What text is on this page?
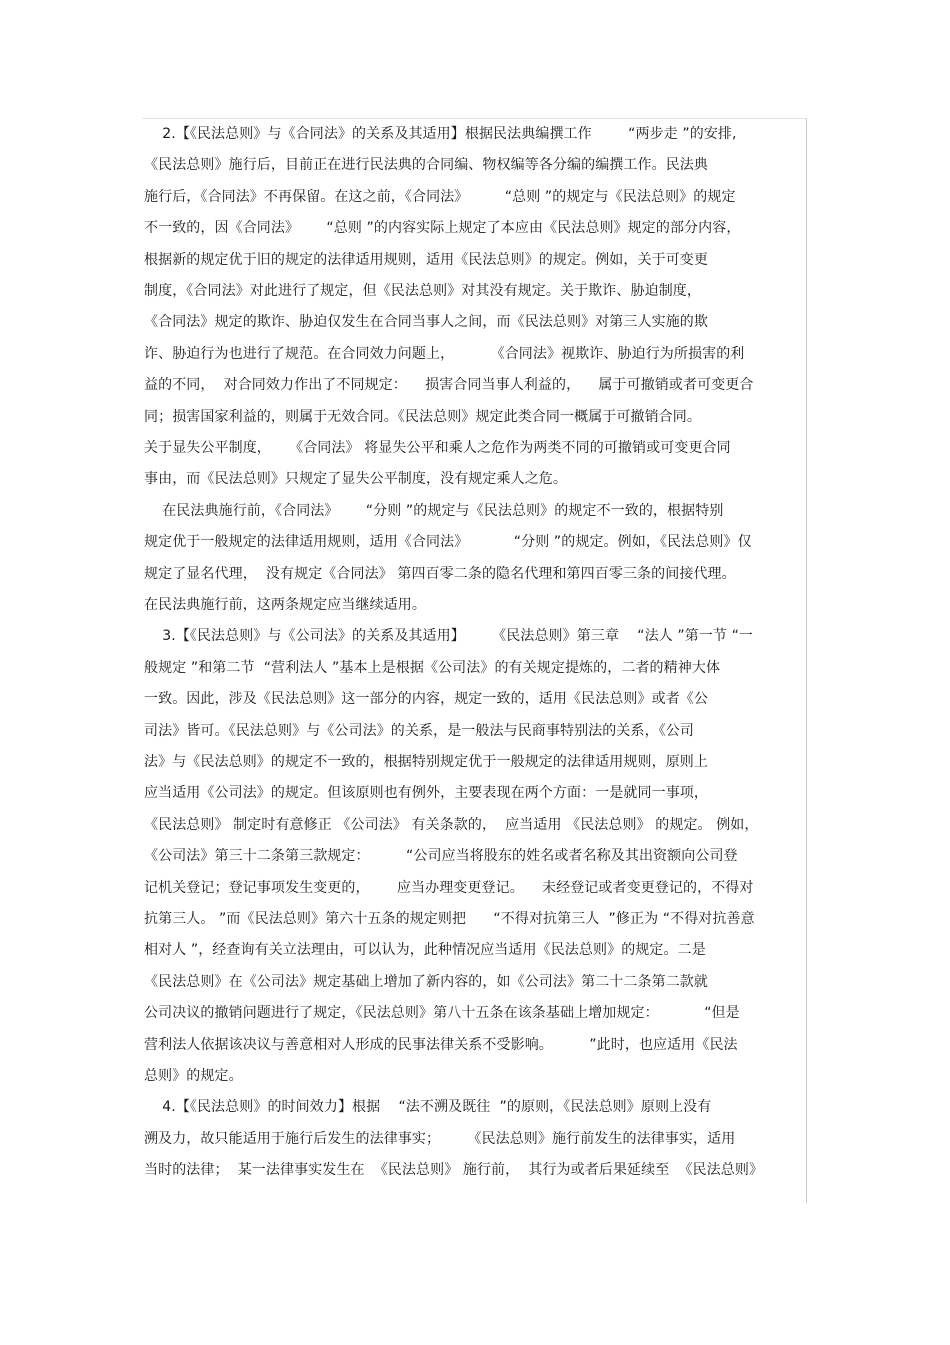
2.【《民法总则》与《合同法》的关系及其适用】根据民法典编撰工作        “两步走 ”的安排,
《民法总则》施行后，目前正在进行民法典的合同编、物权编等各分编的编撰工作。民法典
施行后，《合同法》不再保留。在这之前，《合同法》        “总则 ”的规定与《民法总则》的规定
不一致的，因《合同法》      “总则 ”的内容实际上规定了本应由《民法总则》规定的部分内容，
根据新的规定优于旧的规定的法律适用规则，适用《民法总则》的规定。例如，关于可变更
制度，《合同法》对此进行了规定，但《民法总则》对其没有规定。关于欺诈、胁迫制度，
《合同法》规定的欺诈、胁迫仅发生在合同当事人之间，而《民法总则》对第三人实施的欺
诈、胁迫行为也进行了规范。在合同效力问题上，        《合同法》视欺诈、胁迫行为所损害的利
益的不同，  对合同效力作出了不同规定：    损害合同当事人利益的，    属于可撤销或者可变更合
同；损害国家利益的，则属于无效合同。《民法总则》规定此类合同一概属于可撤销合同。
关于显失公平制度，    《合同法》 将显失公平和乘人之危作为两类不同的可撤销或可变更合同
事由，而《民法总则》只规定了显失公平制度，没有规定乘人之危。
在民法典施行前，《合同法》      “分则 ”的规定与《民法总则》的规定不一致的，根据特别
规定优于一般规定的法律适用规则，适用《合同法》          “分则 ”的规定。例如，《民法总则》仅
规定了显名代理，  没有规定《合同法》 第四百零二条的隐名代理和第四百零三条的间接代理。
在民法典施行前，这两条规定应当继续适用。
3.【《民法总则》与《公司法》的关系及其适用】      《民法总则》第三章    “法人 ”第一节 “一
般规定 ”和第二节  “营利法人 ”基本上是根据《公司法》的有关规定提炼的，二者的精神大体
一致。因此，涉及《民法总则》这一部分的内容，规定一致的，适用《民法总则》或者《公
司法》皆可。《民法总则》与《公司法》的关系，是一般法与民商事特别法的关系，《公司
法》与《民法总则》的规定不一致的，根据特别规定优于一般规定的法律适用规则，原则上
应当适用《公司法》的规定。但该原则也有例外，主要表现在两个方面：一是就同一事项，
《民法总则》 制定时有意修正 《公司法》 有关条款的，  应当适用 《民法总则》 的规定。 例如，
《公司法》第三十二条第三款规定：        “公司应当将股东的姓名或者名称及其出资额向公司登
记机关登记；登记事项发生变更的，      应当办理变更登记。    未经登记或者变更登记的，不得对
抗第三人。 ”而《民法总则》第六十五条的规定则把      “不得对抗第三人  ”修正为 “不得对抗善意
相对人 ”，经查询有关立法理由，可以认为，此种情况应当适用《民法总则》的规定。二是
《民法总则》在《公司法》规定基础上增加了新内容的，如《公司法》第二十二条第二款就
公司决议的撤销问题进行了规定，《民法总则》第八十五条在该条基础上增加规定：          “但是
营利法人依据该决议与善意相对人形成的民事法律关系不受影响。        ”此时，也应适用《民法
总则》的规定。
4.【《民法总则》的时间效力】根据    “法不溯及既往  ”的原则，《民法总则》原则上没有
溯及力，故只能适用于施行后发生的法律事实；      《民法总则》施行前发生的法律事实，适用
当时的法律；  某一法律事实发生在  《民法总则》 施行前，  其行为或者后果延续至  《民法总则》
